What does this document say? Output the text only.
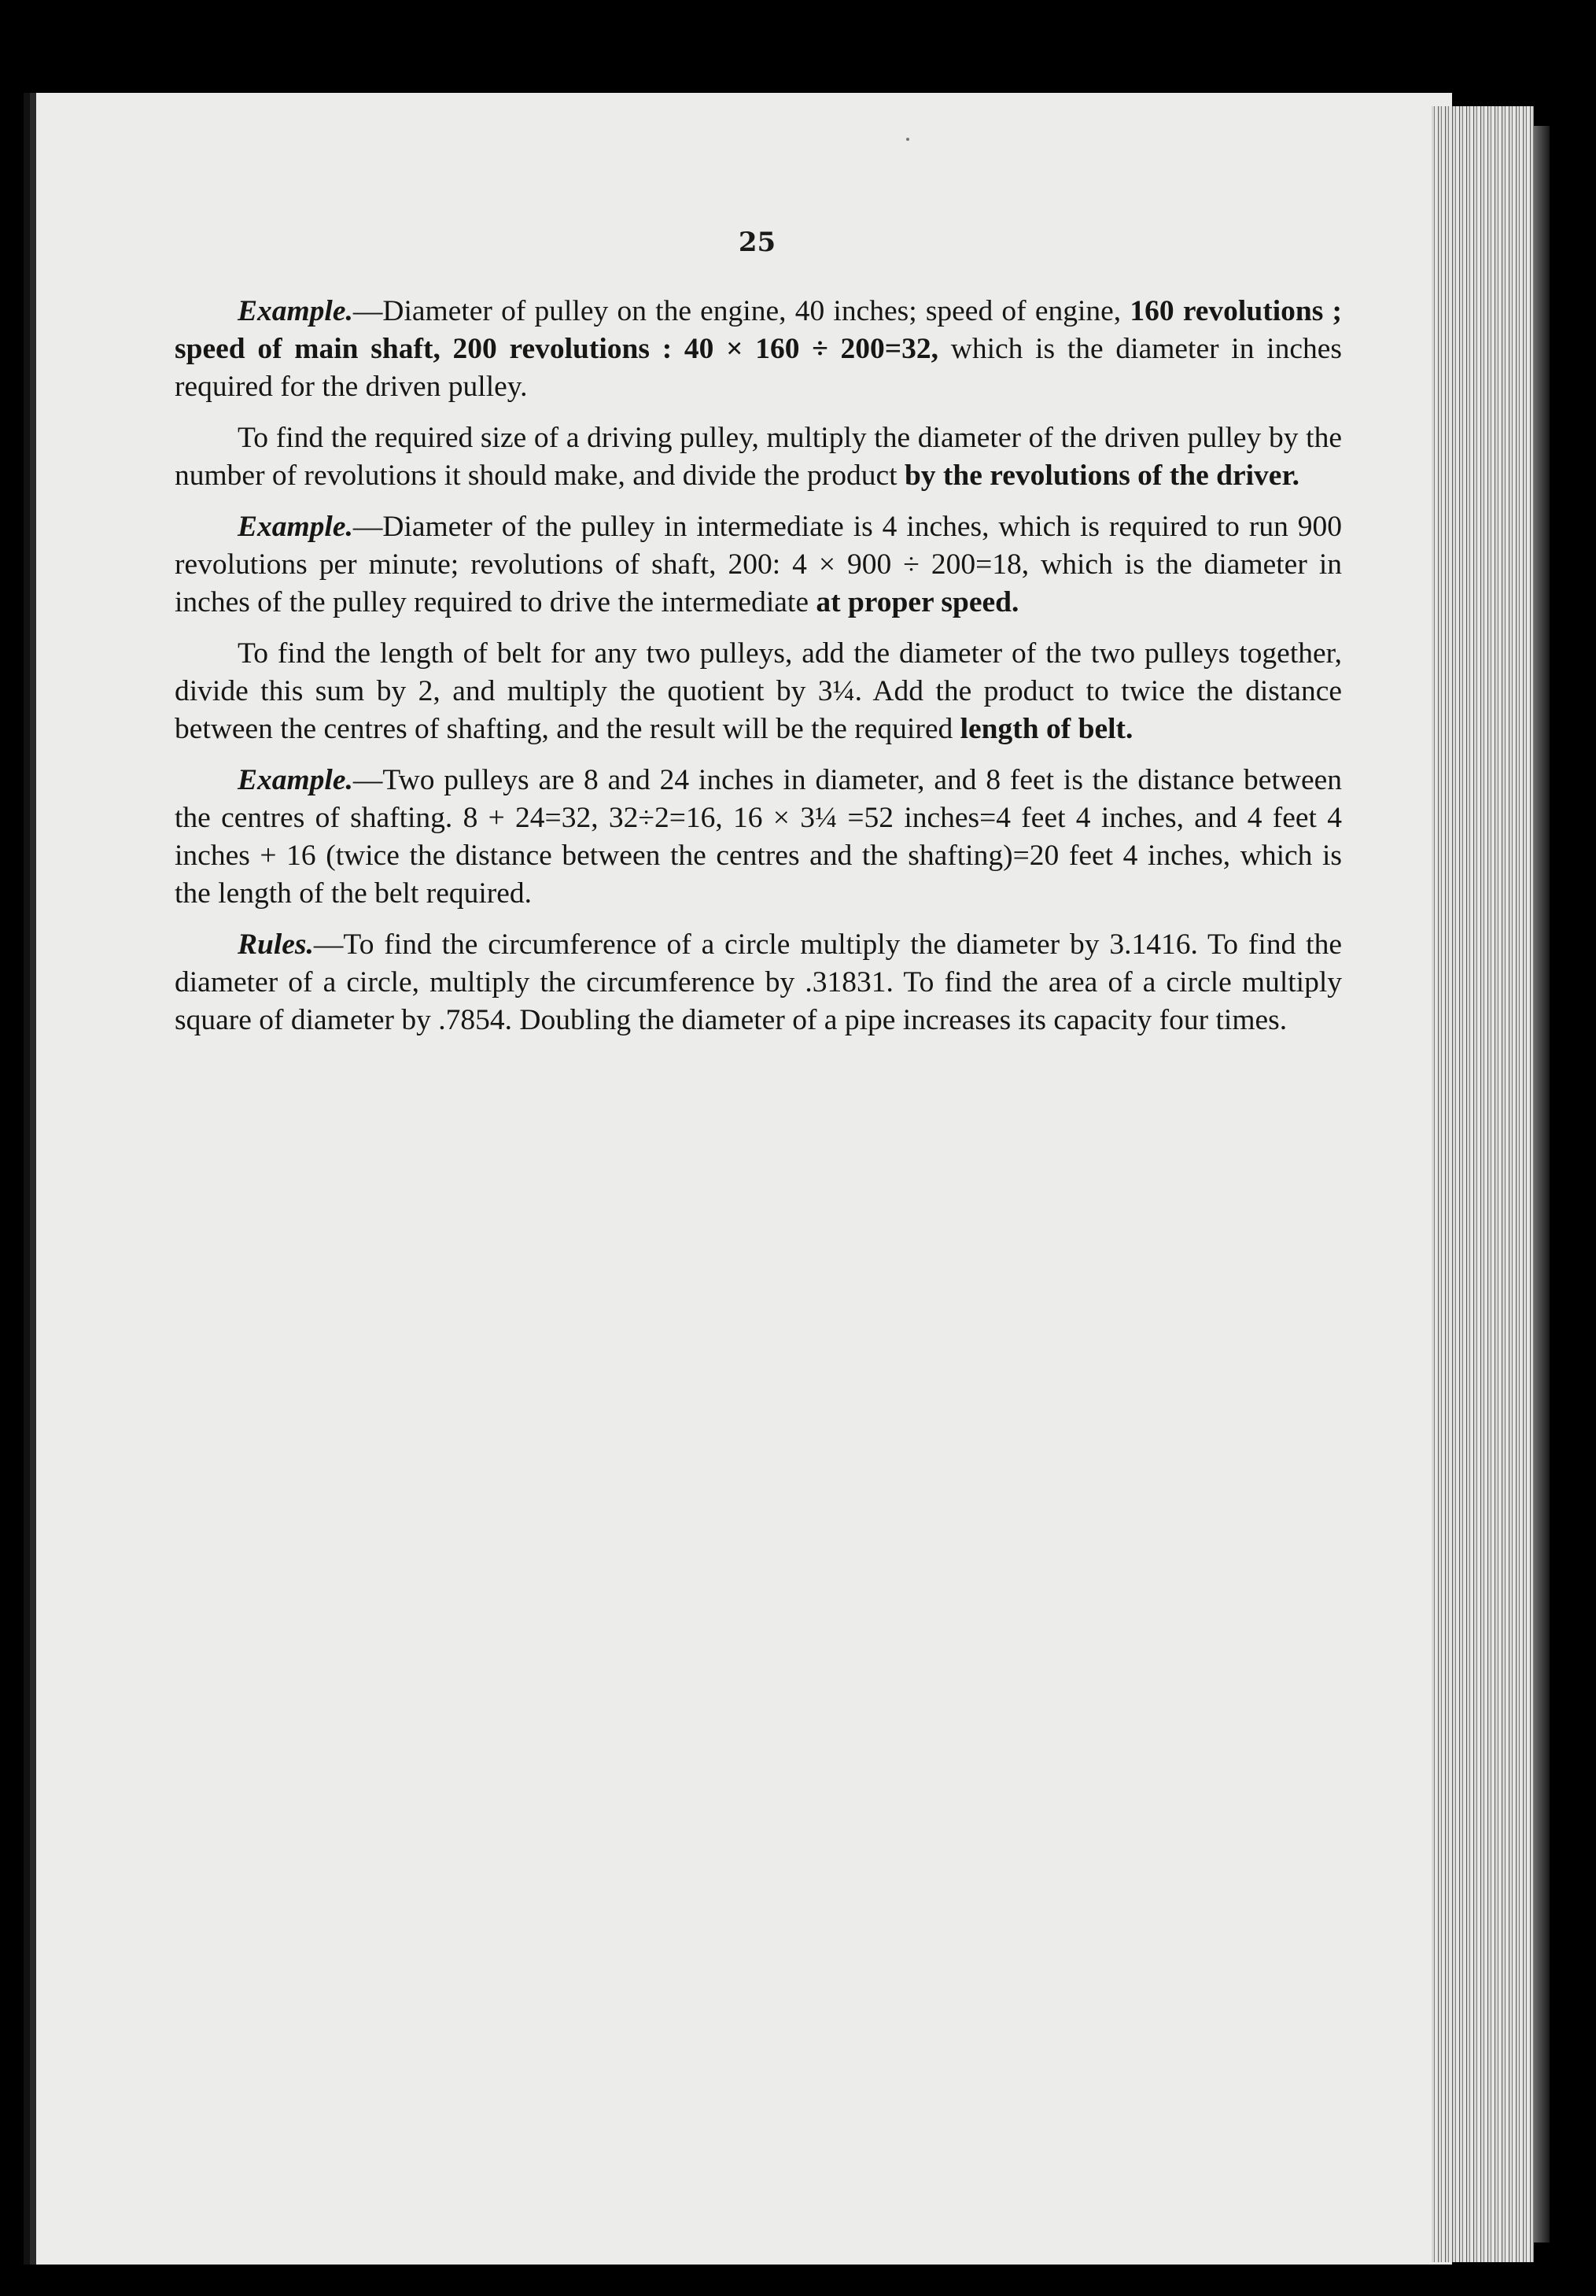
25

Example.—Diameter of pulley on the engine, 40 inches; speed of engine, 160 revolutions ; speed of main shaft, 200 revolutions : 40 × 160 ÷ 200=32, which is the diameter in inches required for the driven pulley.

To find the required size of a driving pulley, multiply the diameter of the driven pulley by the number of revolutions it should make, and divide the product by the revolutions of the driver.

Example.—Diameter of the pulley in intermediate is 4 inches, which is required to run 900 revolutions per minute; revolutions of shaft, 200: 4 × 900 ÷ 200=18, which is the diameter in inches of the pulley required to drive the intermediate at proper speed.

To find the length of belt for any two pulleys, add the diameter of the two pulleys together, divide this sum by 2, and multiply the quotient by 3¼. Add the product to twice the distance between the centres of shafting, and the result will be the required length of belt.

Example.—Two pulleys are 8 and 24 inches in diameter, and 8 feet is the distance between the centres of shafting. 8 + 24=32, 32÷2=16, 16 × 3¼ =52 inches=4 feet 4 inches, and 4 feet 4 inches + 16 (twice the distance between the centres and the shafting)=20 feet 4 inches, which is the length of the belt required.

Rules.—To find the circumference of a circle multiply the diameter by 3.1416. To find the diameter of a circle, multiply the circumference by .31831. To find the area of a circle multiply square of diameter by .7854. Doubling the diameter of a pipe increases its capacity four times.
